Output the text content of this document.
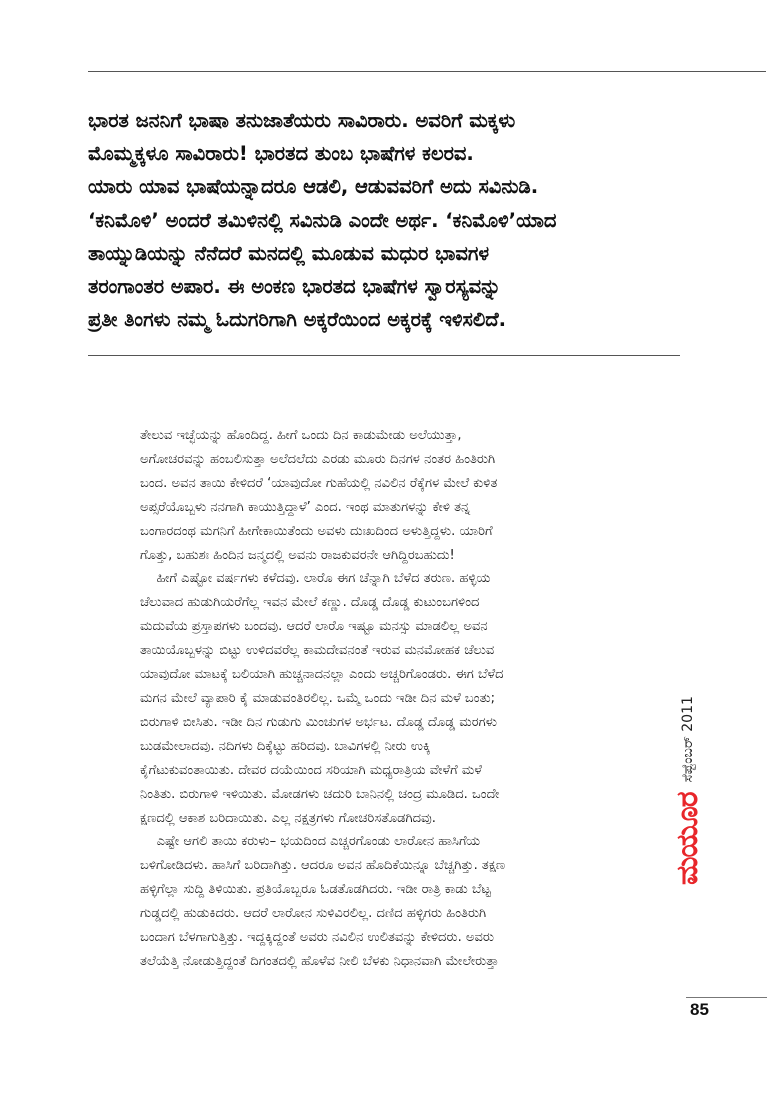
ಭಾರತ ಜನನಿಗೆ ಭಾಷಾ ತನುಜಾತೆಯರು ಸಾವಿರಾರು. ಅವರಿಗೆ ಮಕ್ಕಳು
ಮೊಮ್ಮಕ್ಕಳೂ ಸಾವಿರಾರು! ಭಾರತದ ತುಂಬ ಭಾಷೆಗಳ ಕಲರವ.
ಯಾರು ಯಾವ ಭಾಷೆಯನ್ನಾದರೂ ಆಡಲಿ, ಆಡುವವರಿಗೆ ಅದು ಸವಿನುಡಿ.
‘ಕನಿಮೊಳಿ’ ಅಂದರೆ ತಮಿಳಿನಲ್ಲಿ ಸವಿನುಡಿ ಎಂದೇ ಅರ್ಥ. ‘ಕನಿಮೊಳಿ’ಯಾದ
ತಾಯ್ನುಡಿಯನ್ನು ನೆನೆದರೆ ಮನದಲ್ಲಿ ಮೂಡುವ ಮಧುರ ಭಾವಗಳ
ತರಂಗಾಂತರ ಅಪಾರ. ಈ ಅಂಕಣ ಭಾರತದ ಭಾಷೆಗಳ ಸ್ವಾರಸ್ಯವನ್ನು
ಪ್ರತೀ ತಿಂಗಳು ನಮ್ಮ ಓದುಗರಿಗಾಗಿ ಅಕ್ಕರೆಯಿಂದ ಅಕ್ಕರಕ್ಕೆ ಇಳಿಸಲಿದೆ.
ತೇಲುವ ಇಚ್ಛೆಯನ್ನು ಹೊಂದಿದ್ದ. ಹೀಗೆ ಒಂದು ದಿನ ಕಾಡುಮೇಡು ಅಲೆಯುತ್ತಾ,
ಅಗೋಚರವನ್ನು ಹಂಬಲಿಸುತ್ತಾ ಅಲೆದಲೆದು ಎರಡು ಮೂರು ದಿನಗಳ ನಂತರ ಹಿಂತಿರುಗಿ
ಬಂದ. ಅವನ ತಾಯಿ ಕೇಳಿದರೆ ‘ಯಾವುದೋ ಗುಹೆಯಲ್ಲಿ ನವಿಲಿನ ರೆಕ್ಕೆಗಳ ಮೇಲೆ ಕುಳಿತ
ಅಪ್ಸರೆಯೊಬ್ಬಳು ನನಗಾಗಿ ಕಾಯುತ್ತಿದ್ದಾಳೆ’ ಎಂದ. ಇಂಥ ಮಾತುಗಳನ್ನು ಕೇಳಿ ತನ್ನ
ಬಂಗಾರದಂಥ ಮಗನಿಗೆ ಹೀಗೇಕಾಯಿತೆಂದು ಅವಳು ದುಃಖದಿಂದ ಅಳುತ್ತಿದ್ದಳು. ಯಾರಿಗೆ
ಗೊತ್ತು, ಬಹುಶಃ ಹಿಂದಿನ ಜನ್ಮದಲ್ಲಿ ಅವನು ರಾಜಕುವರನೇ ಆಗಿದ್ದಿರಬಹುದು!
ಹೀಗೆ ಎಷ್ಟೋ ವರ್ಷಗಳು ಕಳೆದವು. ಲಾರೊ ಈಗ ಚೆನ್ನಾಗಿ ಬೆಳೆದ ತರುಣ. ಹಳ್ಳಿಯ
ಚೆಲುವಾದ ಹುಡುಗಿಯರೆಗೆಲ್ಲ ಇವನ ಮೇಲೆ ಕಣ್ಣು. ದೊಡ್ಡ ದೊಡ್ಡ ಕುಟುಂಬಗಳಿಂದ
ಮದುವೆಯ ಪ್ರಸ್ತಾಪಗಳು ಬಂದವು. ಆದರೆ ಲಾರೊ ಇಷ್ಟೂ ಮನಸ್ಸು ಮಾಡಲಿಲ್ಲ ಅವನ
ತಾಯಿಯೊಬ್ಬಳನ್ನು ಬಿಟ್ಟು ಉಳಿದವರೆಲ್ಲ ಕಾಮದೇವನಂತೆ ಇರುವ ಮನಮೋಹಕ ಚೆಲುವ
ಯಾವುದೋ ಮಾಟಕ್ಕೆ ಬಲಿಯಾಗಿ ಹುಚ್ಚನಾದನಲ್ಲಾ ಎಂದು ಅಚ್ಚರಿಗೊಂಡರು. ಈಗ ಬೆಳೆದ
ಮಗನ ಮೇಲೆ ವ್ಯಾಪಾರಿ ಕೈ ಮಾಡುವಂತಿರಲಿಲ್ಲ. ಒಮ್ಮೆ ಒಂದು ಇಡೀ ದಿನ ಮಳೆ ಬಂತು;
ಬಿರುಗಾಳಿ ಬೀಸಿತು. ಇಡೀ ದಿನ ಗುಡುಗು ಮಿಂಚುಗಳ ಅರ್ಭಟ. ದೊಡ್ಡ ದೊಡ್ಡ ಮರಗಳು
ಬುಡಮೇಲಾದವು. ನದಿಗಳು ದಿಕ್ಕೆಟ್ಟು ಹರಿದವು. ಬಾವಿಗಳಲ್ಲಿ ನೀರು ಉಕ್ಕಿ
ಕೈಗೆಟುಕುವಂತಾಯಿತು. ದೇವರ ದಯೆಯಿಂದ ಸರಿಯಾಗಿ ಮಧ್ಯರಾತ್ರಿಯ ವೇಳೆಗೆ ಮಳೆ
ನಿಂತಿತು. ಬಿರುಗಾಳಿ ಇಳಿಯಿತು. ಮೋಡಗಳು ಚದುರಿ ಬಾನಿನಲ್ಲಿ ಚಂದ್ರ ಮೂಡಿದ. ಒಂದೇ
ಕ್ಷಣದಲ್ಲಿ ಆಕಾಶ ಬರಿದಾಯಿತು. ಎಲ್ಲ ನಕ್ಷತ್ರಗಳು ಗೋಚರಿಸತೊಡಗಿದವು.
ಎಷ್ಟೇ ಆಗಲಿ ತಾಯಿ ಕರುಳು– ಭಯದಿಂದ ಎಚ್ಚರಗೊಂಡು ಲಾರೋನ ಹಾಸಿಗೆಯ
ಬಳಿಗೋಡಿದಳು. ಹಾಸಿಗೆ ಬರಿದಾಗಿತ್ತು. ಆದರೂ ಅವನ ಹೊದಿಕೆಯಿನ್ನೂ ಬೆಚ್ಚಗಿತ್ತು. ತಕ್ಷಣ
ಹಳ್ಳಿಗೆಲ್ಲಾ ಸುದ್ದಿ ತಿಳಿಯಿತು. ಪ್ರತಿಯೊಬ್ಬರೂ ಓಡತೊಡಗಿದರು. ಇಡೀ ರಾತ್ರಿ ಕಾಡು ಬೆಟ್ಟ
ಗುಡ್ಡದಲ್ಲಿ ಹುಡುಕಿದರು. ಆದರೆ ಲಾರೋನ ಸುಳಿವಿರಲಿಲ್ಲ. ದಣಿದ ಹಳ್ಳಿಗರು ಹಿಂತಿರುಗಿ
ಬಂದಾಗ ಬೆಳಗಾಗುತ್ತಿತ್ತು. ಇದ್ದಕ್ಕಿದ್ದಂತೆ ಅವರು ನವಿಲಿನ ಉಲಿತವನ್ನು ಕೇಳಿದರು. ಅವರು
ತಲೆಯೆತ್ತಿ ನೋಡುತ್ತಿದ್ದಂತೆ ದಿಗಂತದಲ್ಲಿ ಹೊಳೆವ ನೀಲಿ ಬೆಳಕು ನಿಧಾನವಾಗಿ ಮೇಲೇರುತ್ತಾ
ಮಯೂರ
ಸೆಪ್ಟೆಂಬರ್ 2011
85
